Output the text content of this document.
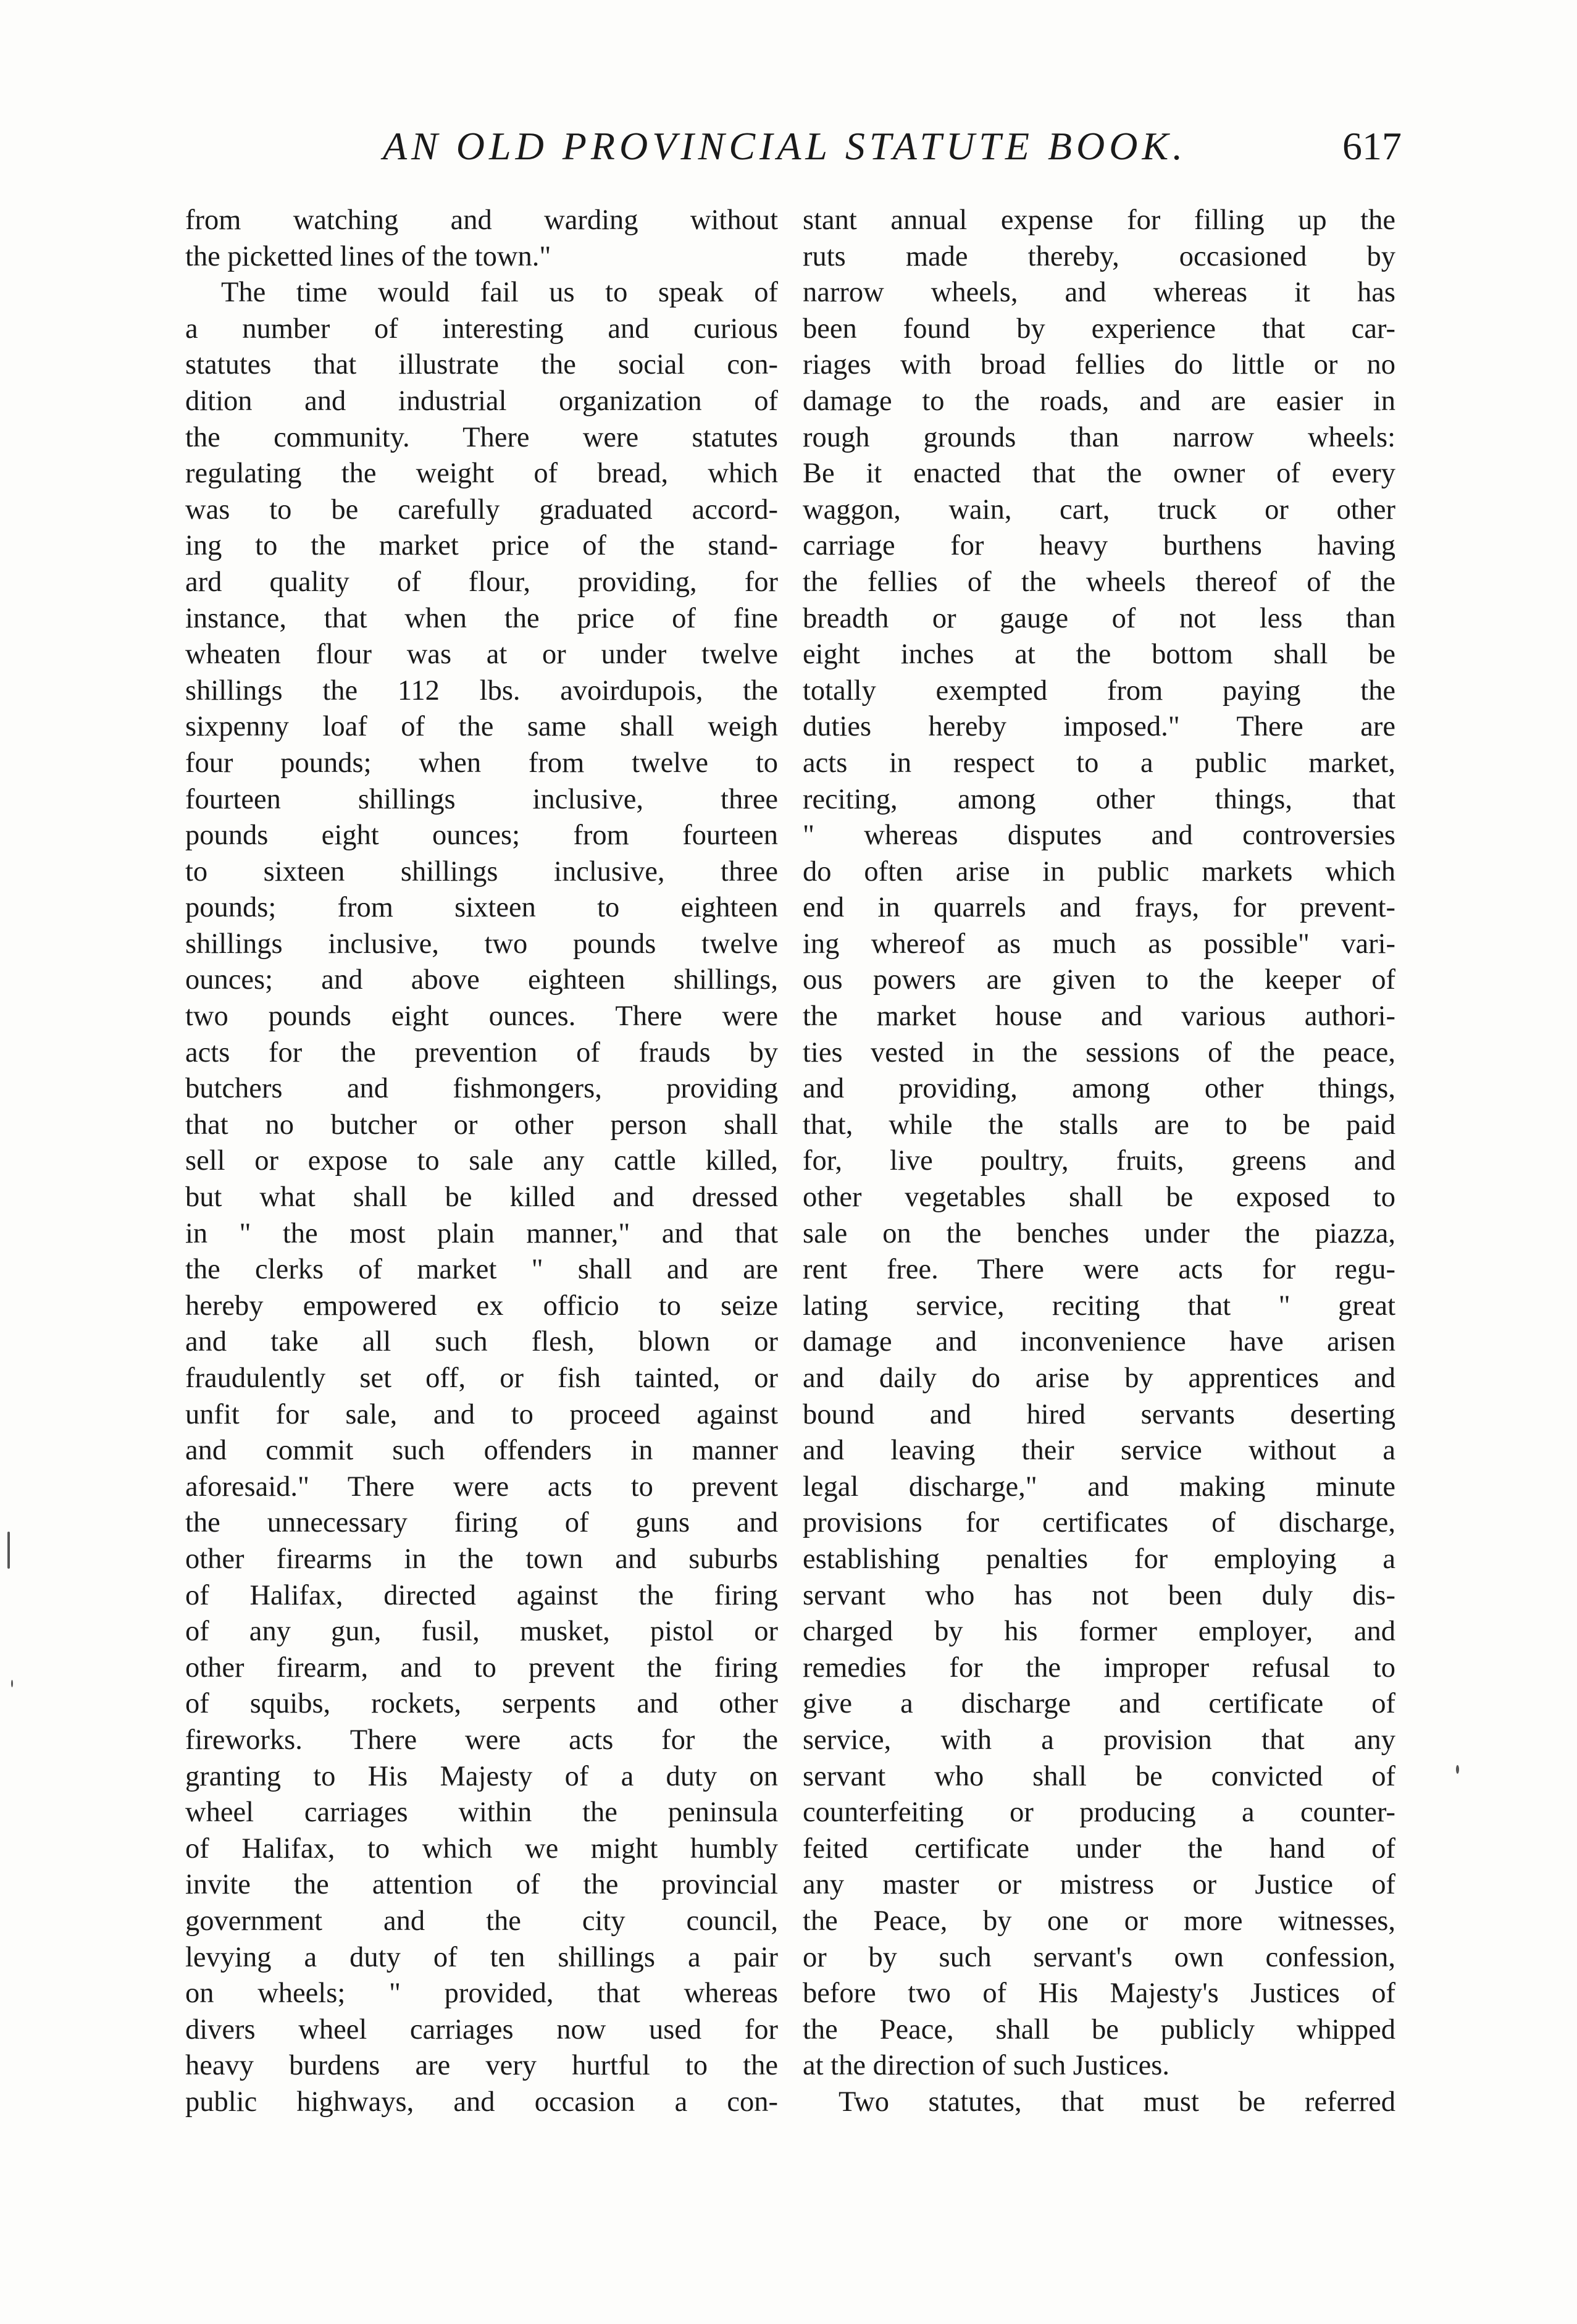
AN OLD PROVINCIAL STATUTE BOOK.	617
from watching and warding without
the picketted lines of the town."
The time would fail us to speak of
a number of interesting and curious
statutes that illustrate the social con-
dition and industrial organization of
the community. There were statutes
regulating the weight of bread, which
was to be carefully graduated accord-
ing to the market price of the stand-
ard quality of flour, providing, for
instance, that when the price of fine
wheaten flour was at or under twelve
shillings the 112 lbs. avoirdupois, the
sixpenny loaf of the same shall weigh
four pounds; when from twelve to
fourteen shillings inclusive, three
pounds eight ounces; from fourteen
to sixteen shillings inclusive, three
pounds; from sixteen to eighteen
shillings inclusive, two pounds twelve
ounces; and above eighteen shillings,
two pounds eight ounces. There were
acts for the prevention of frauds by
butchers and fishmongers, providing
that no butcher or other person shall
sell or expose to sale any cattle killed,
but what shall be killed and dressed
in " the most plain manner," and that
the clerks of market " shall and are
hereby empowered ex officio to seize
and take all such flesh, blown or
fraudulently set off, or fish tainted, or
unfit for sale, and to proceed against
and commit such offenders in manner
aforesaid." There were acts to prevent
the unnecessary firing of guns and
other firearms in the town and suburbs
of Halifax, directed against the firing
of any gun, fusil, musket, pistol or
other firearm, and to prevent the firing
of squibs, rockets, serpents and other
fireworks. There were acts for the
granting to His Majesty of a duty on
wheel carriages within the peninsula
of Halifax, to which we might humbly
invite the attention of the provincial
government and the city council,
levying a duty of ten shillings a pair
on wheels; " provided, that whereas
divers wheel carriages now used for
heavy burdens are very hurtful to the
public highways, and occasion a con-
stant annual expense for filling up the
ruts made thereby, occasioned by
narrow wheels, and whereas it has
been found by experience that car-
riages with broad fellies do little or no
damage to the roads, and are easier in
rough grounds than narrow wheels:
Be it enacted that the owner of every
waggon, wain, cart, truck or other
carriage for heavy burthens having
the fellies of the wheels thereof of the
breadth or gauge of not less than
eight inches at the bottom shall be
totally exempted from paying the
duties hereby imposed." There are
acts in respect to a public market,
reciting, among other things, that
" whereas disputes and controversies
do often arise in public markets which
end in quarrels and frays, for prevent-
ing whereof as much as possible" vari-
ous powers are given to the keeper of
the market house and various authori-
ties vested in the sessions of the peace,
and providing, among other things,
that, while the stalls are to be paid
for, live poultry, fruits, greens and
other vegetables shall be exposed to
sale on the benches under the piazza,
rent free. There were acts for regu-
lating service, reciting that " great
damage and inconvenience have arisen
and daily do arise by apprentices and
bound and hired servants deserting
and leaving their service without a
legal discharge," and making minute
provisions for certificates of discharge,
establishing penalties for employing a
servant who has not been duly dis-
charged by his former employer, and
remedies for the improper refusal to
give a discharge and certificate of
service, with a provision that any
servant who shall be convicted of
counterfeiting or producing a counter-
feited certificate under the hand of
any master or mistress or Justice of
the Peace, by one or more witnesses,
or by such servant's own confession,
before two of His Majesty's Justices of
the Peace, shall be publicly whipped
at the direction of such Justices.
Two statutes, that must be referred
